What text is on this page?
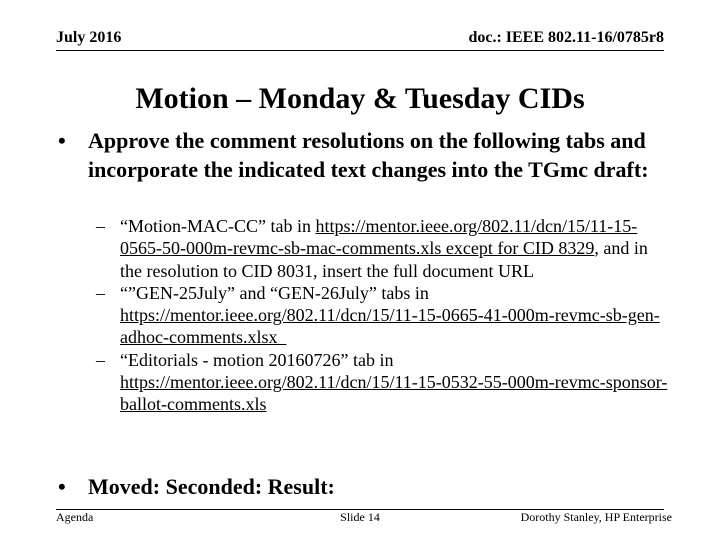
July 2016	doc.: IEEE 802.11-16/0785r8
Motion – Monday & Tuesday CIDs
•	Approve the comment resolutions on the following tabs and incorporate the indicated text changes into the TGmc draft:
– “Motion-MAC-CC” tab in https://mentor.ieee.org/802.11/dcn/15/11-15-0565-50-000m-revmc-sb-mac-comments.xls except for CID 8329, and in the resolution to CID 8031, insert the full document URL
– “”GEN-25July” and “GEN-26July” tabs in https://mentor.ieee.org/802.11/dcn/15/11-15-0665-41-000m-revmc-sb-gen-adhoc-comments.xlsx
– “Editorials - motion 20160726” tab in https://mentor.ieee.org/802.11/dcn/15/11-15-0532-55-000m-revmc-sponsor-ballot-comments.xls
•	Moved: Seconded: Result:
Agenda	Slide 14	Dorothy Stanley, HP Enterprise
